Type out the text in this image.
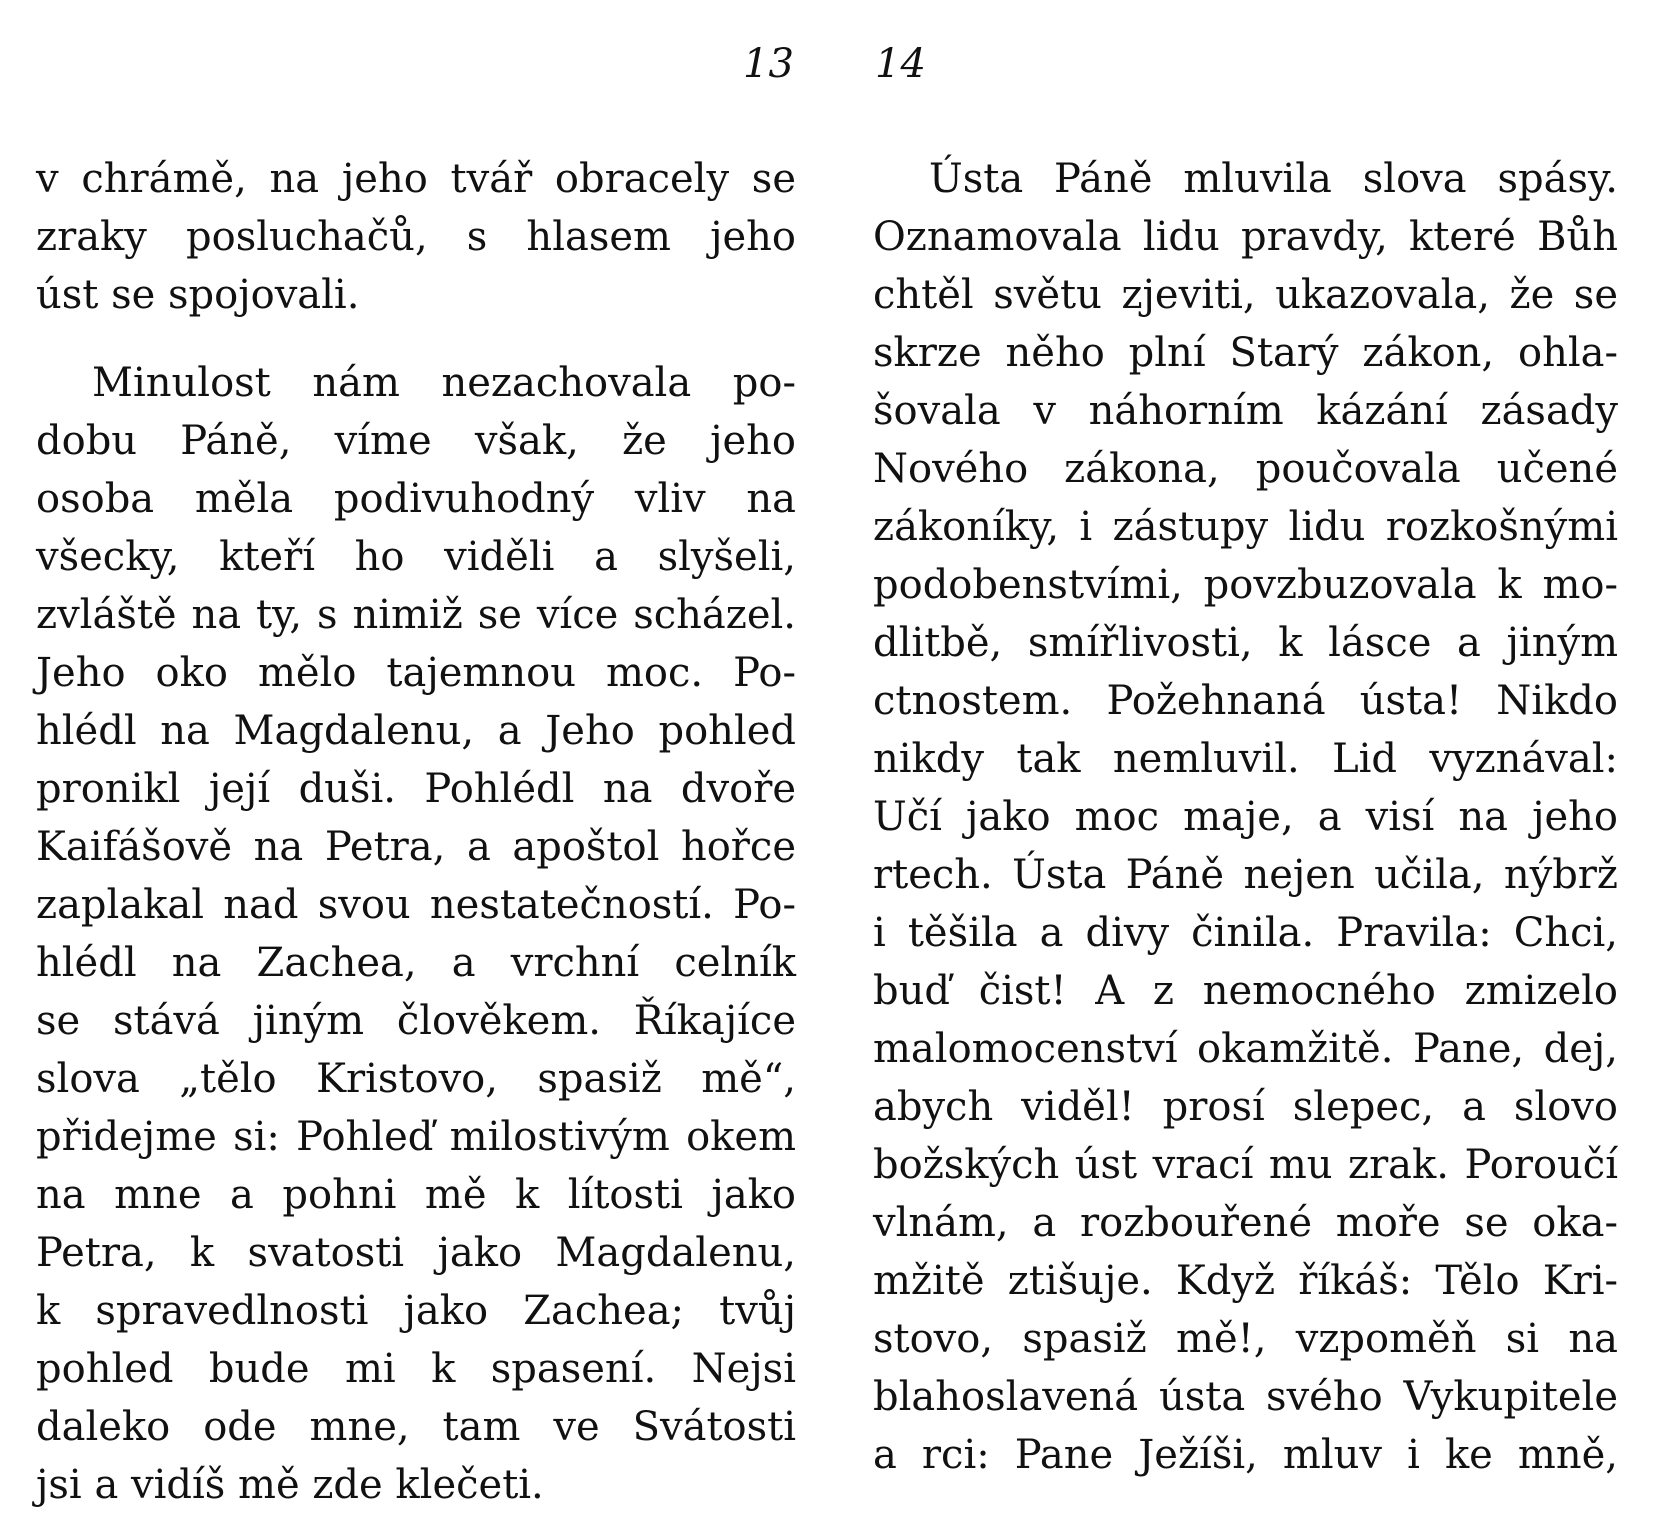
13 14
v chrámě, na jeho tvář obracely se
zraky posluchačů, s hlasem jeho
úst se spojovali.
Minulost nám nezachovala po-
dobu Páně, víme však, že jeho
osoba měla podivuhodný vliv na
všecky, kteří ho viděli a slyšeli,
zvláště na ty, s nimiž se více scházel.
Jeho oko mělo tajemnou moc. Po-
hlédl na Magdalenu, a Jeho pohled
pronikl její duši. Pohlédl na dvoře
Kaifášově na Petra, a apoštol hořce
zaplakal nad svou nestatečností. Po-
hlédl na Zachea, a vrchní celník
se stává jiným člověkem. Říkajíce
slova „tělo Kristovo, spasiž mě“,
přidejme si: Pohleď milostivým okem
na mne a pohni mě k lítosti jako
Petra, k svatosti jako Magdalenu,
k spravedlnosti jako Zachea; tvůj
pohled bude mi k spasení. Nejsi
daleko ode mne, tam ve Svátosti
jsi a vidíš mě zde klečeti.
Ústa Páně mluvila slova spásy.
Oznamovala lidu pravdy, které Bůh
chtěl světu zjeviti, ukazovala, že se
skrze něho plní Starý zákon, ohla-
šovala v náhorním kázání zásady
Nového zákona, poučovala učené
zákoníky, i zástupy lidu rozkošnými
podobenstvími, povzbuzovala k mo-
dlitbě, smířlivosti, k lásce a jiným
ctnostem. Požehnaná ústa! Nikdo
nikdy tak nemluvil. Lid vyznával:
Učí jako moc maje, a visí na jeho
rtech. Ústa Páně nejen učila, nýbrž
i těšila a divy činila. Pravila: Chci,
buď čist! A z nemocného zmizelo
malomocenství okamžitě. Pane, dej,
abych viděl! prosí slepec, a slovo
božských úst vrací mu zrak. Poroučí
vlnám, a rozbouřené moře se oka-
mžitě ztišuje. Když říkáš: Tělo Kri-
stovo, spasiž mě!, vzpoměň si na
blahoslavená ústa svého Vykupitele
a rci: Pane Ježíši, mluv i ke mně,
